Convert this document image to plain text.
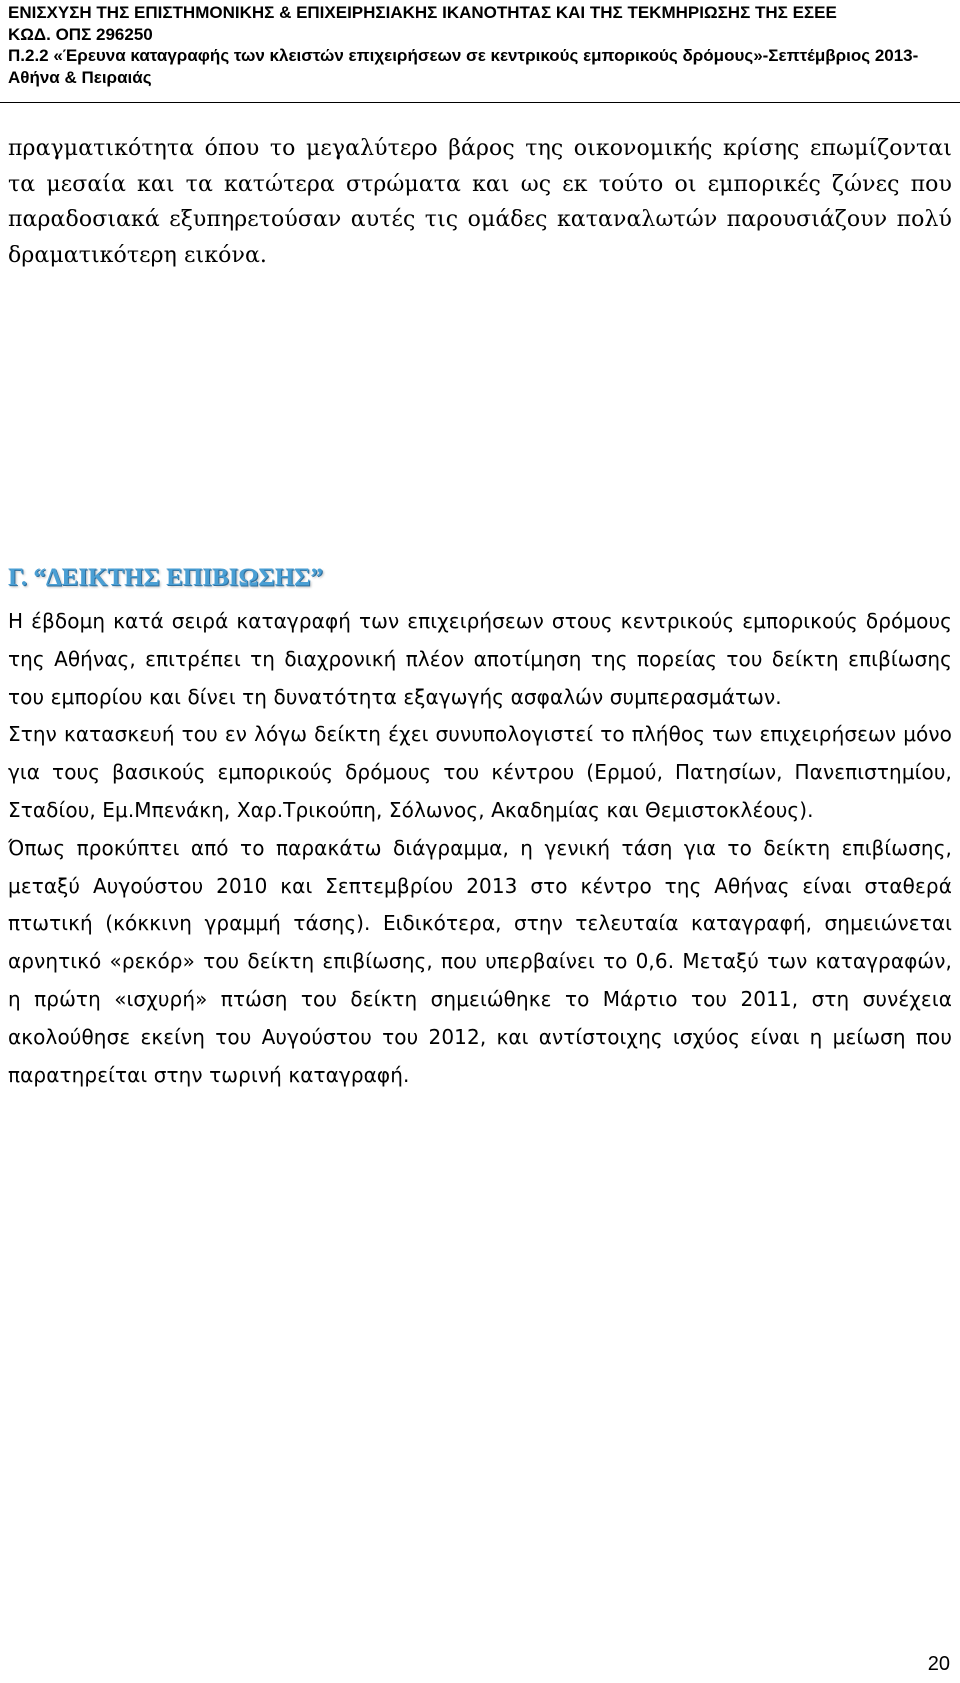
ΕΝΙΣΧΥΣΗ ΤΗΣ ΕΠΙΣΤΗΜΟΝΙΚΗΣ & ΕΠΙΧΕΙΡΗΣΙΑΚΗΣ ΙΚΑΝΟΤΗΤΑΣ ΚΑΙ ΤΗΣ ΤΕΚΜΗΡΙΩΣΗΣ ΤΗΣ ΕΣΕΕ
ΚΩΔ. ΟΠΣ 296250
Π.2.2 «Έρευνα καταγραφής των κλειστών επιχειρήσεων σε κεντρικούς εμπορικούς δρόμους»-Σεπτέμβριος 2013-Αθήνα & Πειραιάς
πραγματικότητα όπου το μεγαλύτερο βάρος της οικονομικής κρίσης επωμίζονται τα μεσαία και τα κατώτερα στρώματα και ως εκ τούτο οι εμπορικές ζώνες που παραδοσιακά εξυπηρετούσαν αυτές τις ομάδες καταναλωτών παρουσιάζουν πολύ δραματικότερη εικόνα.
Γ. “ΔΕΙΚΤΗΣ ΕΠΙΒΙΩΣΗΣ”

Η έβδομη κατά σειρά καταγραφή των επιχειρήσεων στους κεντρικούς εμπορικούς δρόμους της Αθήνας, επιτρέπει τη διαχρονική πλέον αποτίμηση της πορείας του δείκτη επιβίωσης του εμπορίου και δίνει τη δυνατότητα εξαγωγής ασφαλών συμπερασμάτων.

Στην κατασκευή του εν λόγω δείκτη έχει συνυπολογιστεί το πλήθος των επιχειρήσεων μόνο για τους βασικούς εμπορικούς δρόμους του κέντρου (Ερμού, Πατησίων, Πανεπιστημίου, Σταδίου, Εμ.Μπενάκη, Χαρ.Τρικούπη, Σόλωνος, Ακαδημίας και Θεμιστοκλέους).

Όπως προκύπτει από το παρακάτω διάγραμμα, η γενική τάση για το δείκτη επιβίωσης, μεταξύ Αυγούστου 2010 και Σεπτεμβρίου 2013 στο κέντρο της Αθήνας είναι σταθερά πτωτική (κόκκινη γραμμή τάσης). Ειδικότερα, στην τελευταία καταγραφή, σημειώνεται αρνητικό «ρεκόρ» του δείκτη επιβίωσης, που υπερβαίνει το 0,6. Μεταξύ των καταγραφών, η πρώτη «ισχυρή» πτώση του δείκτη σημειώθηκε το Μάρτιο του 2011, στη συνέχεια ακολούθησε εκείνη του Αυγούστου του 2012, και αντίστοιχης ισχύος είναι η μείωση που παρατηρείται στην τωρινή καταγραφή.

20
